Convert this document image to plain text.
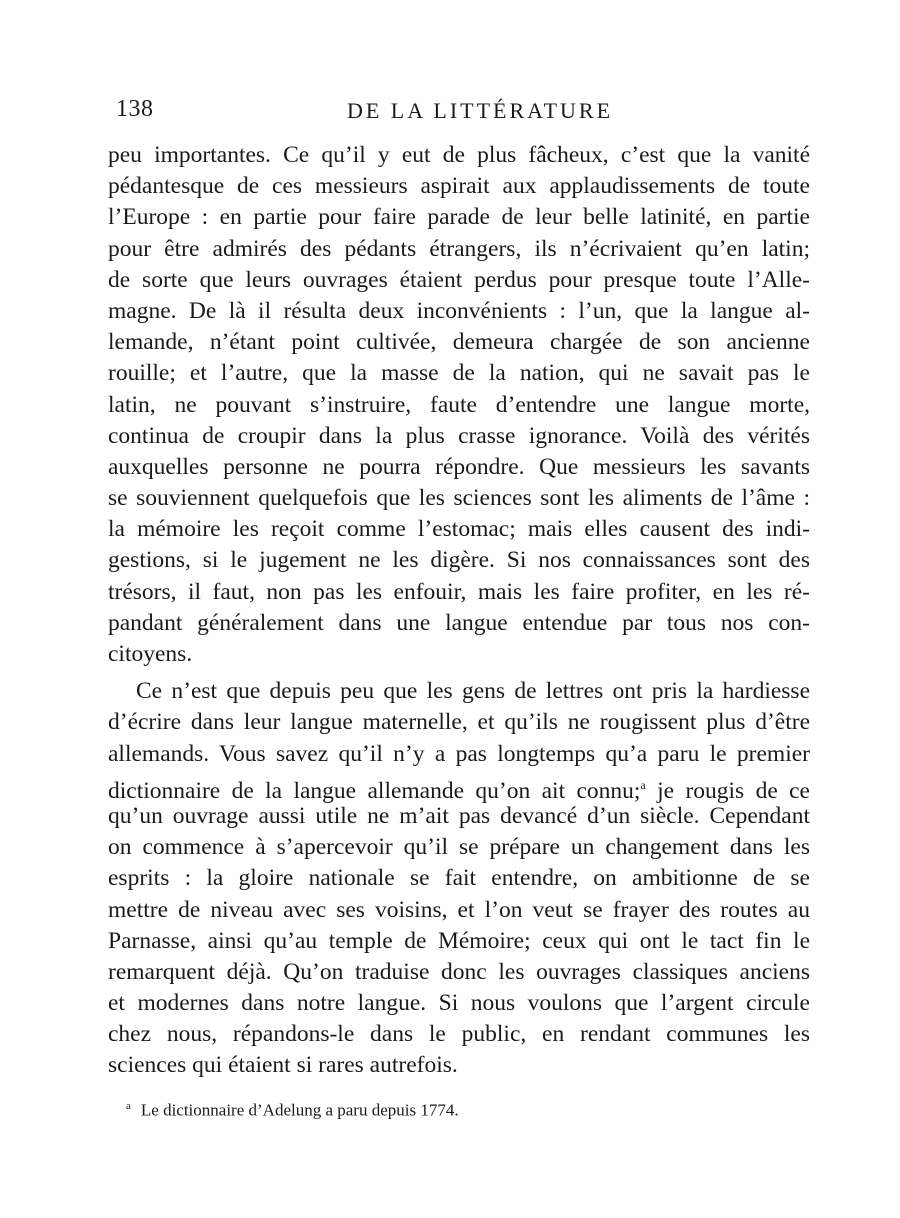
138	DE LA LITTÉRATURE
peu importantes. Ce qu’il y eut de plus fâcheux, c’est que la vanité
pédantesque de ces messieurs aspirait aux applaudissements de toute
l’Europe : en partie pour faire parade de leur belle latinité, en partie
pour être admirés des pédants étrangers, ils n’écrivaient qu’en latin;
de sorte que leurs ouvrages étaient perdus pour presque toute l’Alle-
magne. De là il résulta deux inconvénients : l’un, que la langue al-
lemande, n’étant point cultivée, demeura chargée de son ancienne
rouille; et l’autre, que la masse de la nation, qui ne savait pas le
latin, ne pouvant s’instruire, faute d’entendre une langue morte,
continua de croupir dans la plus crasse ignorance. Voilà des vérités
auxquelles personne ne pourra répondre. Que messieurs les savants
se souviennent quelquefois que les sciences sont les aliments de l’âme :
la mémoire les reçoit comme l’estomac; mais elles causent des indi-
gestions, si le jugement ne les digère. Si nos connaissances sont des
trésors, il faut, non pas les enfouir, mais les faire profiter, en les ré-
pandant généralement dans une langue entendue par tous nos con-
citoyens.
Ce n’est que depuis peu que les gens de lettres ont pris la hardiesse
d’écrire dans leur langue maternelle, et qu’ils ne rougissent plus d’être
allemands. Vous savez qu’il n’y a pas longtemps qu’a paru le premier
dictionnaire de la langue allemande qu’on ait connu;$^a$ je rougis de ce
qu’un ouvrage aussi utile ne m’ait pas devancé d’un siècle. Cependant
on commence à s’apercevoir qu’il se prépare un changement dans les
esprits : la gloire nationale se fait entendre, on ambitionne de se
mettre de niveau avec ses voisins, et l’on veut se frayer des routes au
Parnasse, ainsi qu’au temple de Mémoire; ceux qui ont le tact fin le
remarquent déjà. Qu’on traduise donc les ouvrages classiques anciens
et modernes dans notre langue. Si nous voulons que l’argent circule
chez nous, répandons-le dans le public, en rendant communes les
sciences qui étaient si rares autrefois.
$^a$ Le dictionnaire d’Adelung a paru depuis 1774.
